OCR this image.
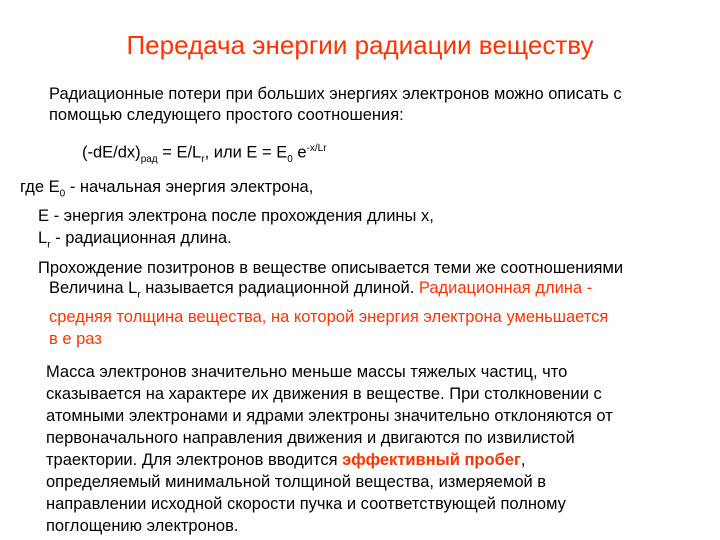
Передача энергии радиации веществу
Радиационные потери при больших энергиях электронов можно описать с
помощью следующего простого соотношения:
$(-dE/dx)_{рад} = E/L_r$, или $E = E_0$ $e^{-x/Lr}$
где $E_0$ - начальная энергия электрона,
E - энергия электрона после прохождения длины x,
$L_r$ - радиационная длина.
Прохождение позитронов в веществе описывается теми же соотношениями
Величина $L_r$ называется радиационной длиной. Радиационная длина -
средняя толщина вещества, на которой энергия электрона уменьшается
в е раз
Масса электронов значительно меньше массы тяжелых частиц, что
сказывается на характере их движения в веществе. При столкновении с
атомными электронами и ядрами электроны значительно отклоняются от
первоначального направления движения и двигаются по извилистой
траектории. Для электронов вводится эффективный пробег,
определяемый минимальной толщиной вещества, измеряемой в
направлении исходной скорости пучка и соответствующей полному
поглощению электронов.
